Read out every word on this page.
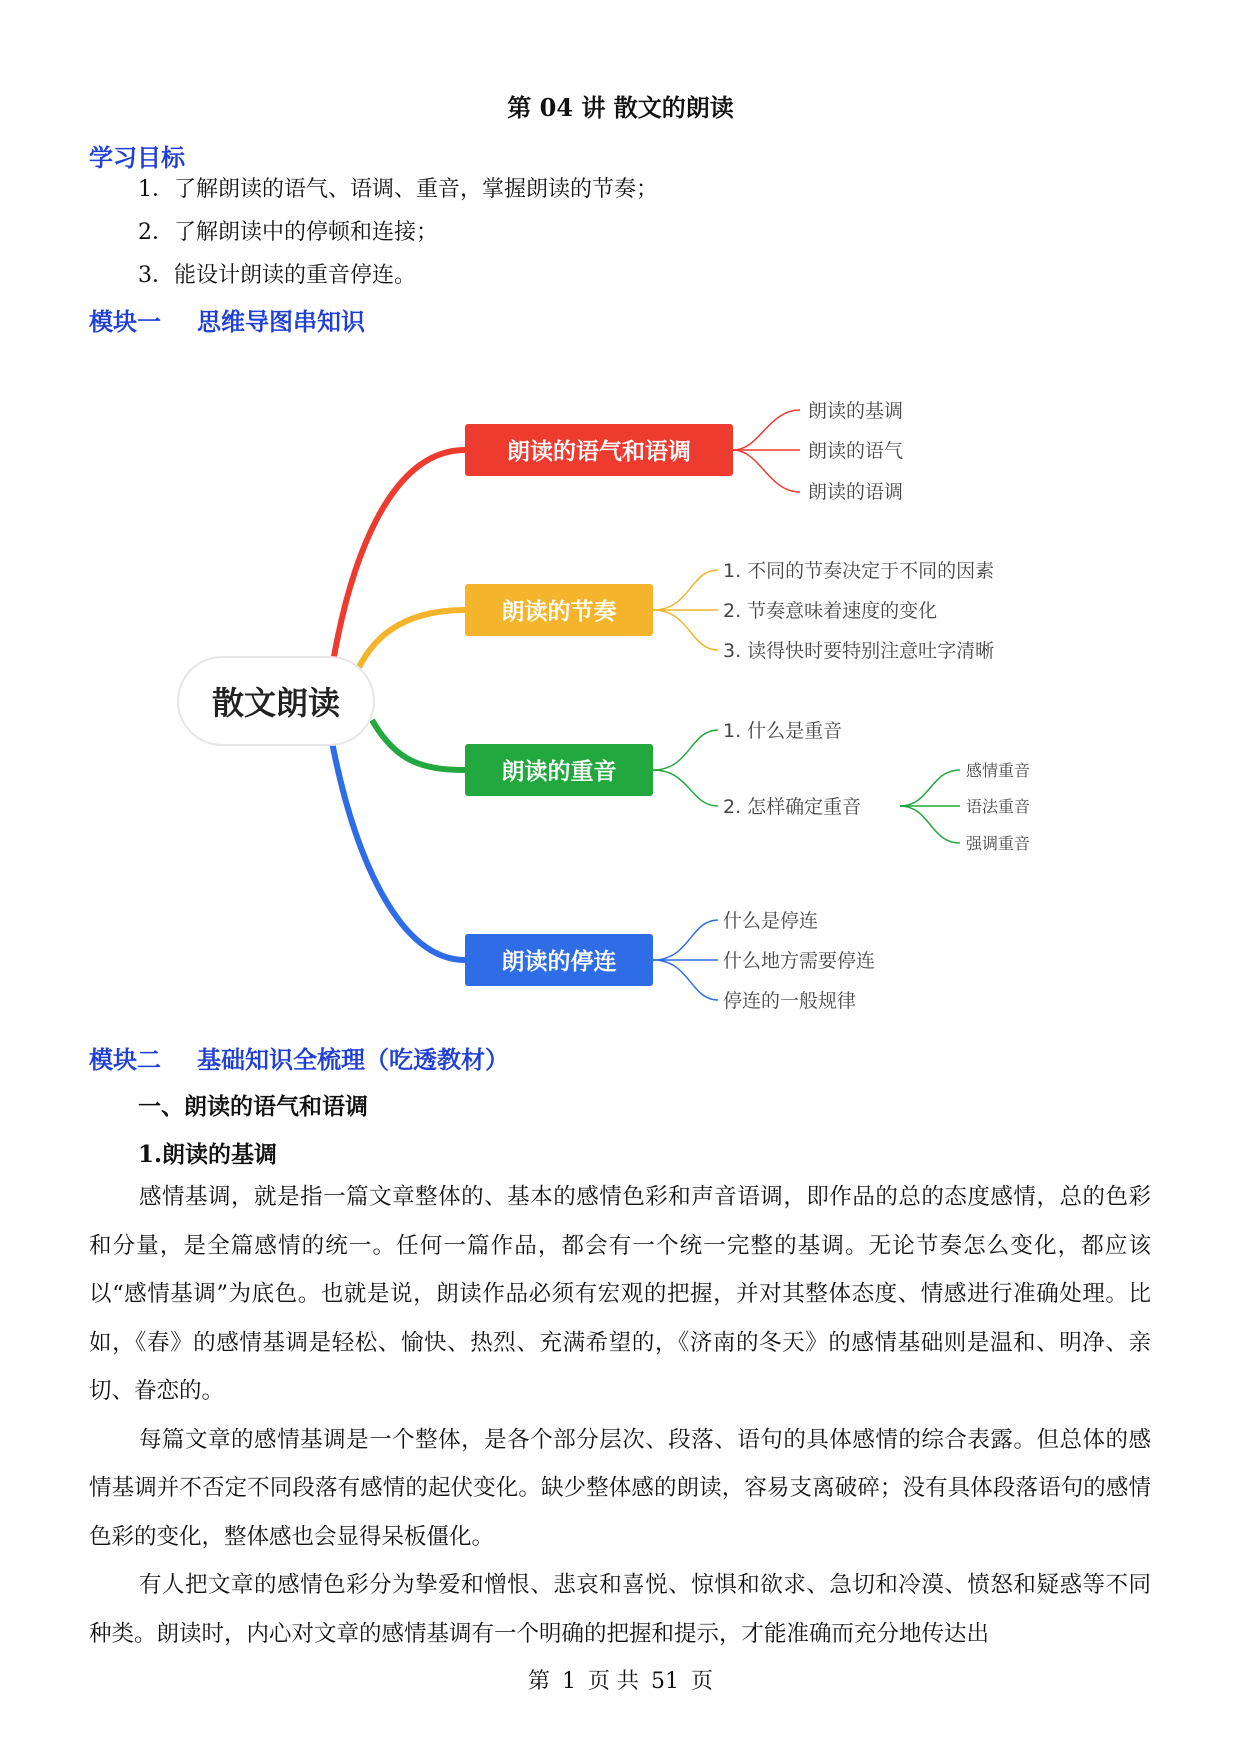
第 04 讲 散文的朗读
学习目标
1．了解朗读的语气、语调、重音，掌握朗读的节奏；
2．了解朗读中的停顿和连接；
3．能设计朗读的重音停连。
模块一 思维导图串知识
散文朗读
朗读的语气和语调
朗读的节奏
朗读的重音
朗读的停连
朗读的基调
朗读的语气
朗读的语调
1. 不同的节奏决定于不同的因素
2. 节奏意味着速度的变化
3. 读得快时要特别注意吐字清晰
1. 什么是重音
2. 怎样确定重音
感情重音
语法重音
强调重音
什么是停连
什么地方需要停连
停连的一般规律
模块二 基础知识全梳理（吃透教材）
一、朗读的语气和语调
1.朗读的基调

感情基调，就是指一篇文章整体的、基本的感情色彩和声音语调，即作品的总的态度感情，总的色彩和分量，是全篇感情的统一。任何一篇作品，都会有一个统一完整的基调。无论节奏怎么变化，都应该以“感情基调”为底色。也就是说，朗读作品必须有宏观的把握，并对其整体态度、情感进行准确处理。比如，《春》的感情基调是轻松、愉快、热烈、充满希望的，《济南的冬天》的感情基础则是温和、明净、亲切、眷恋的。

每篇文章的感情基调是一个整体，是各个部分层次、段落、语句的具体感情的综合表露。但总体的感情基调并不否定不同段落有感情的起伏变化。缺少整体感的朗读，容易支离破碎；没有具体段落语句的感情色彩的变化，整体感也会显得呆板僵化。

有人把文章的感情色彩分为挚爱和憎恨、悲哀和喜悦、惊惧和欲求、急切和冷漠、愤怒和疑惑等不同种类。朗读时，内心对文章的感情基调有一个明确的把握和提示，才能准确而充分地传达出

第 1 页 共 51 页
